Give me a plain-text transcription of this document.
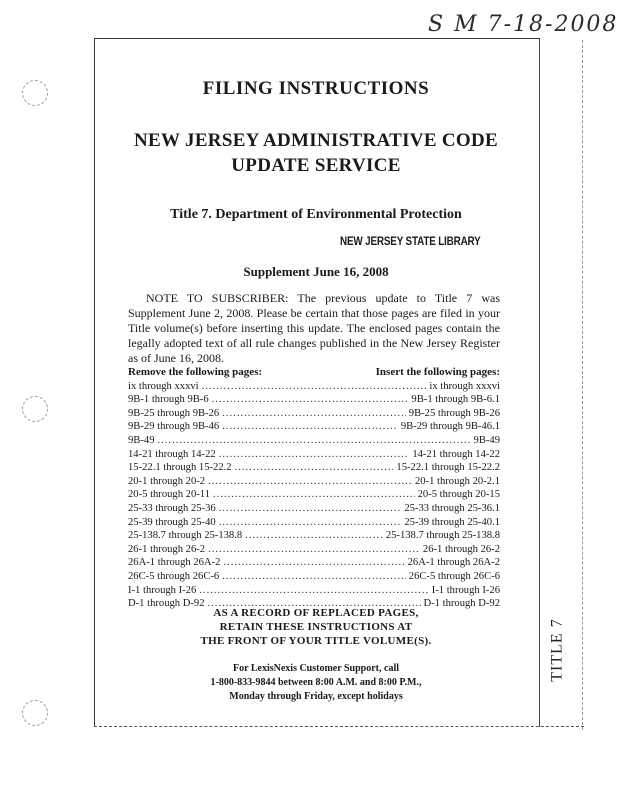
S M 7-18-2008
FILING INSTRUCTIONS
NEW JERSEY ADMINISTRATIVE CODE
UPDATE SERVICE
Title 7. Department of Environmental Protection
NEW JERSEY STATE LIBRARY
Supplement June 16, 2008

NOTE TO SUBSCRIBER: The previous update to Title 7 was Supplement June 2, 2008. Please be certain that those pages are filed in your Title volume(s) before inserting this update. The enclosed pages contain the legally adopted text of all rule changes published in the New Jersey Register as of June 16, 2008.

Remove the following pages:	Insert the following pages:
ix through xxxvi .....	ix through xxxvi
9B-1 through 9B-6 .....	9B-1 through 9B-6.1
9B-25 through 9B-26 .....	9B-25 through 9B-26
9B-29 through 9B-46 .....	9B-29 through 9B-46.1
9B-49 .....	9B-49
14-21 through 14-22 .....	14-21 through 14-22
15-22.1 through 15-22.2 .....	15-22.1 through 15-22.2
20-1 through 20-2 .....	20-1 through 20-2.1
20-5 through 20-11 .....	20-5 through 20-15
25-33 through 25-36 .....	25-33 through 25-36.1
25-39 through 25-40 .....	25-39 through 25-40.1
25-138.7 through 25-138.8 .....	25-138.7 through 25-138.8
26-1 through 26-2 .....	26-1 through 26-2
26A-1 through 26A-2 .....	26A-1 through 26A-2
26C-5 through 26C-6 .....	26C-5 through 26C-6
I-1 through I-26 .....	I-1 through I-26
D-1 through D-92 .....	D-1 through D-92
AS A RECORD OF REPLACED PAGES,
RETAIN THESE INSTRUCTIONS AT
THE FRONT OF YOUR TITLE VOLUME(S).
For LexisNexis Customer Support, call
1-800-833-9844 between 8:00 A.M. and 8:00 P.M.,
Monday through Friday, except holidays
TITLE 7
